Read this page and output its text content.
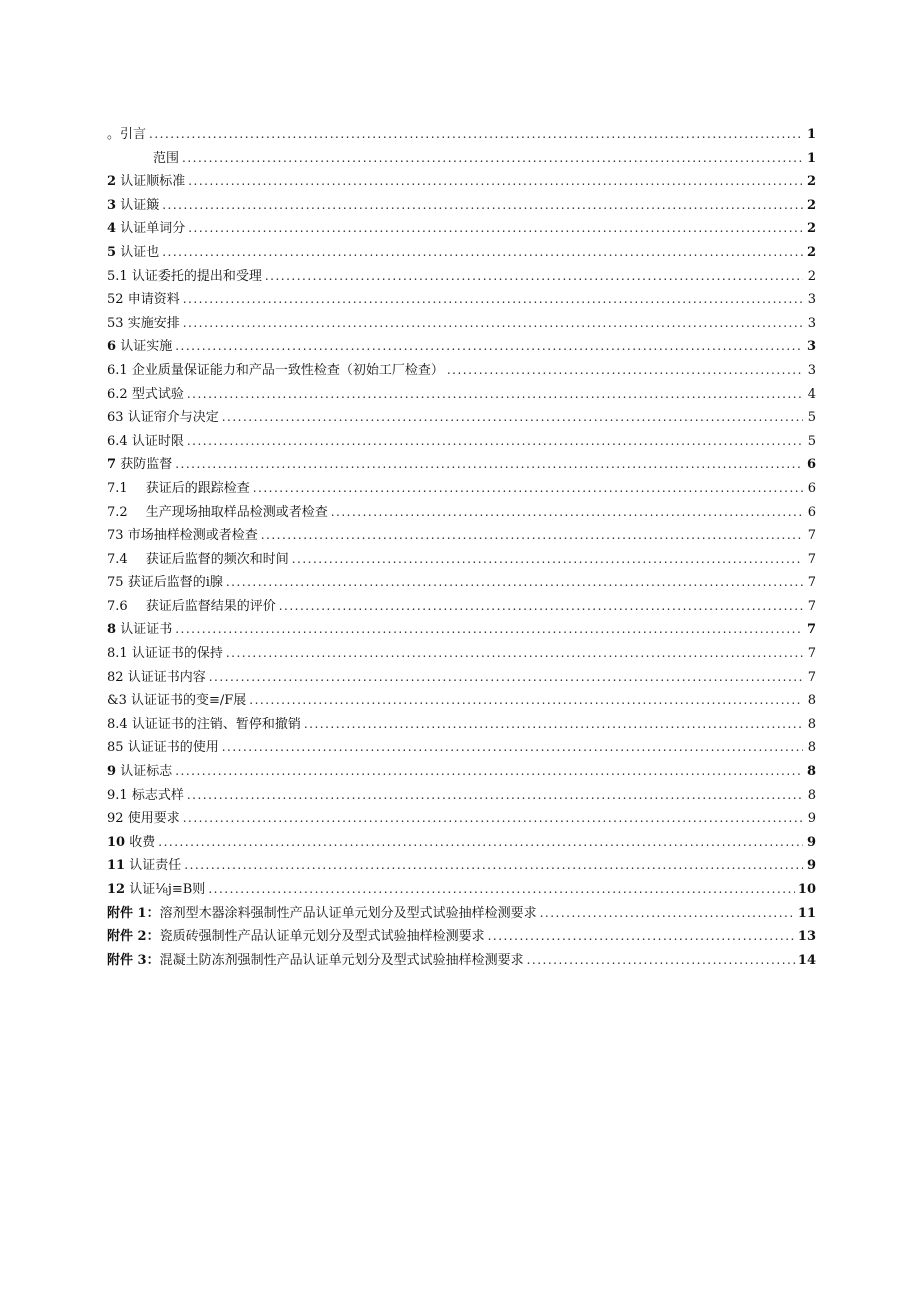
。引言 .....	1
范围 .....	1
2 认证顺标准 .....	2
3 认证簸 .....	2
4 认证单词分 .....	2
5 认证也 .....	2
5.1 认证委托的提出和受理 .....	2
52 申请资料 .....	3
53 实施安排 .....	3
6 认证实施 .....	3
6.1 企业质量保证能力和产品一致性检查（初始工厂检查） .....	3
6.2 型式试验 .....	4
63 认证帘介与决定 .....	5
6.4 认证时限 .....	5
7 获防监督 .....	6
7.1 获证后的跟踪检查 .....	6
7.2 生产现场抽取样品检测或者检查 .....	6
73 市场抽样检测或者检查 .....	7
7.4 获证后监督的频次和时间 .....	7
75 获证后监督的ⅰ腺 .....	7
7.6 获证后监督结果的评价 .....	7
8 认证证书 .....	7
8.1 认证证书的保持 .....	7
82 认证证书内容 .....	7
&3 认证证书的变≡∕F展 .....	8
8.4 认证证书的注销、暂停和撤销 .....	8
85 认证证书的使用 .....	8
9 认证标志 .....	8
9.1 标志式样 .....	8
92 使用要求 .....	9
10 收费 .....	9
11 认证责任 .....	9
12 认证⅛j≡B则 .....	10
附件 1：溶剂型木器涂料强制性产品认证单元划分及型式试验抽样检测要求 .....	11
附件 2：瓷质砖强制性产品认证单元划分及型式试验抽样检测要求 .....	13
附件 3：混凝土防冻剂强制性产品认证单元划分及型式试验抽样检测要求 .....	14
